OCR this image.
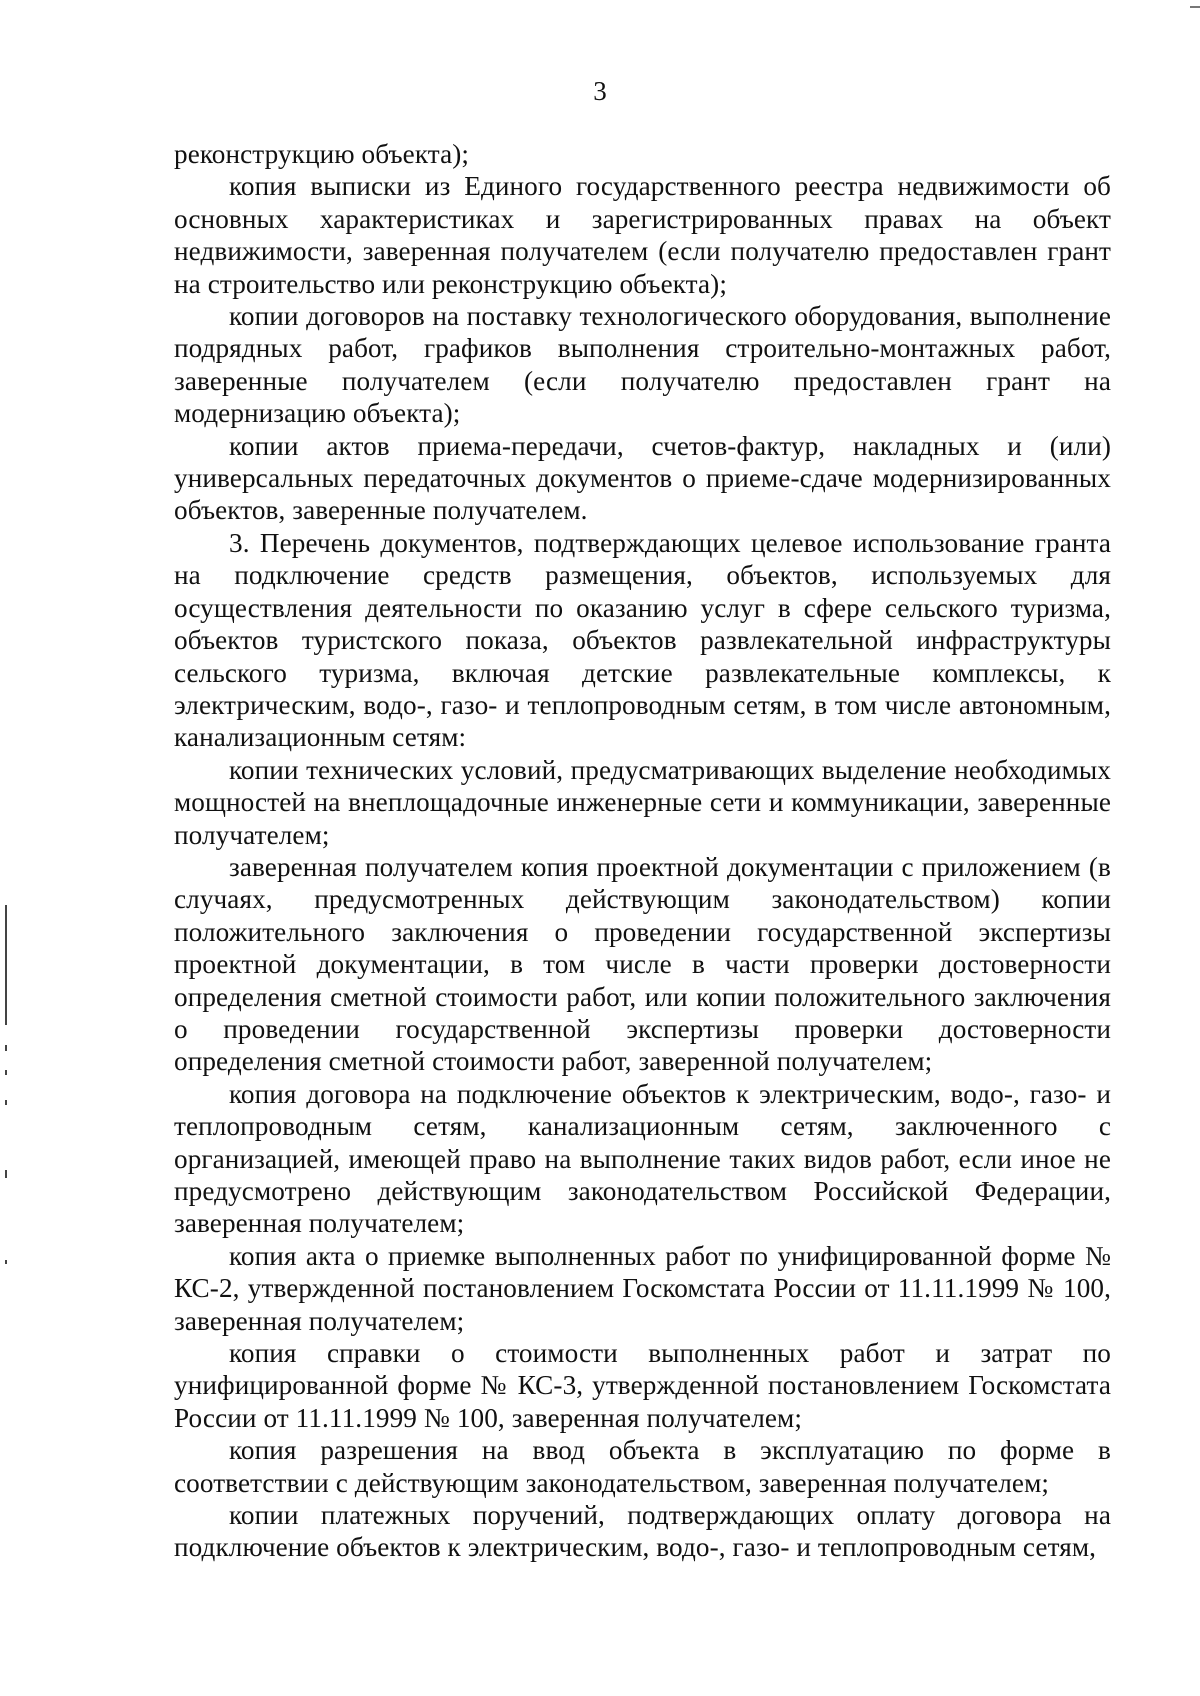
3

реконструкцию объекта);

копия выписки из Единого государственного реестра недвижимости об основных характеристиках и зарегистрированных правах на объект недвижимости, заверенная получателем (если получателю предоставлен грант на строительство или реконструкцию объекта);

копии договоров на поставку технологического оборудования, выполнение подрядных работ, графиков выполнения строительно-монтажных работ, заверенные получателем (если получателю предоставлен грант на модернизацию объекта);

копии актов приема-передачи, счетов-фактур, накладных и (или) универсальных передаточных документов о приеме-сдаче модернизированных объектов, заверенные получателем.

3. Перечень документов, подтверждающих целевое использование гранта на подключение средств размещения, объектов, используемых для осуществления деятельности по оказанию услуг в сфере сельского туризма, объектов туристского показа, объектов развлекательной инфраструктуры сельского туризма, включая детские развлекательные комплексы, к электрическим, водо-, газо- и теплопроводным сетям, в том числе автономным, канализационным сетям:

копии технических условий, предусматривающих выделение необходимых мощностей на внеплощадочные инженерные сети и коммуникации, заверенные получателем;

заверенная получателем копия проектной документации с приложением (в случаях, предусмотренных действующим законодательством) копии положительного заключения о проведении государственной экспертизы проектной документации, в том числе в части проверки достоверности определения сметной стоимости работ, или копии положительного заключения о проведении государственной экспертизы проверки достоверности определения сметной стоимости работ, заверенной получателем;

копия договора на подключение объектов к электрическим, водо-, газо- и теплопроводным сетям, канализационным сетям, заключенного с организацией, имеющей право на выполнение таких видов работ, если иное не предусмотрено действующим законодательством Российской Федерации, заверенная получателем;

копия акта о приемке выполненных работ по унифицированной форме № КС-2, утвержденной постановлением Госкомстата России от 11.11.1999 № 100, заверенная получателем;

копия справки о стоимости выполненных работ и затрат по унифицированной форме № КС-3, утвержденной постановлением Госкомстата России от 11.11.1999 № 100, заверенная получателем;

копия разрешения на ввод объекта в эксплуатацию по форме в соответствии с действующим законодательством, заверенная получателем;

копии платежных поручений, подтверждающих оплату договора на подключение объектов к электрическим, водо-, газо- и теплопроводным сетям,
